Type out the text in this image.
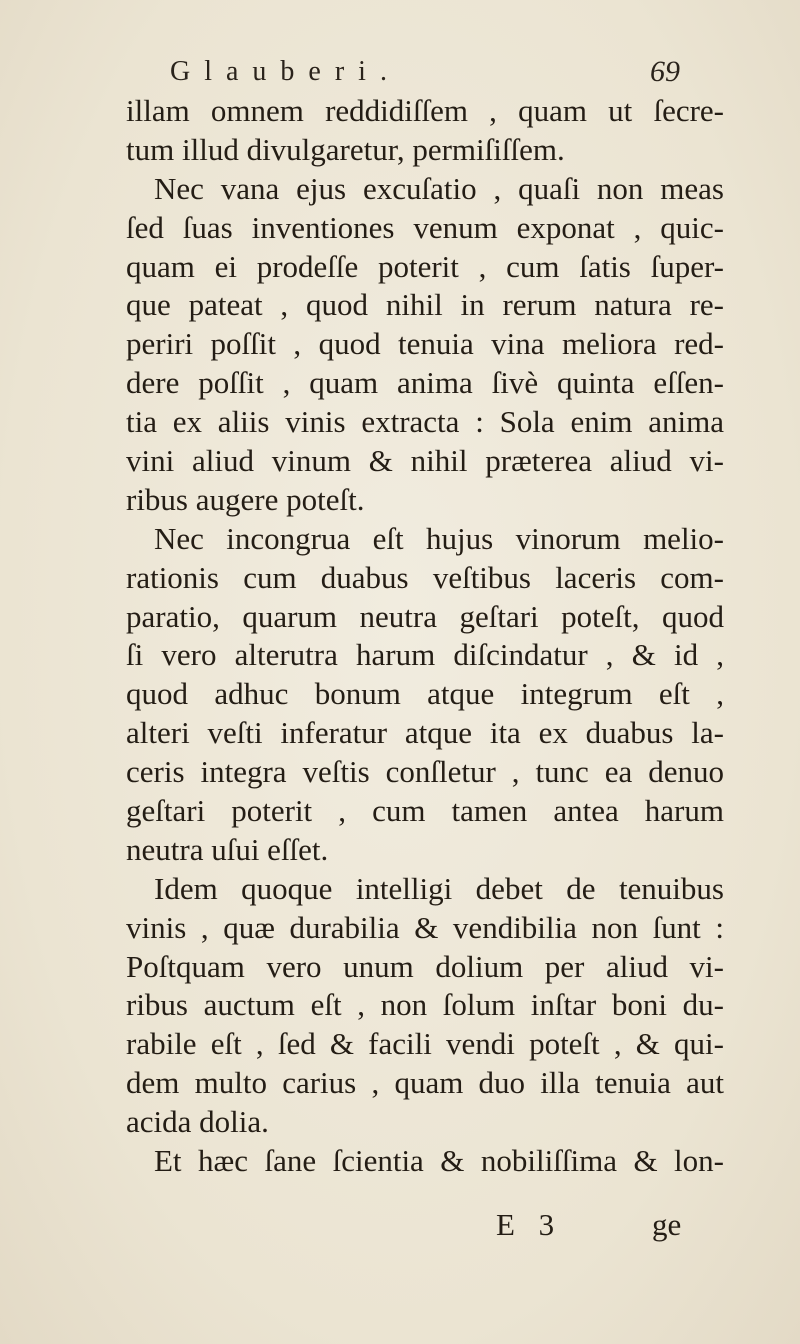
Glauberi.	69
illam omnem reddidiſſem , quam ut ſecre-
tum illud divulgaretur, permiſiſſem.
Nec vana ejus excuſatio , quaſi non meas
ſed ſuas inventiones venum exponat , quic-
quam ei prodeſſe poterit , cum ſatis ſuper-
que pateat , quod nihil in rerum natura re-
periri poſſit , quod tenuia vina meliora red-
dere poſſit , quam anima ſivè quinta eſſen-
tia ex aliis vinis extracta : Sola enim anima
vini aliud vinum & nihil præterea aliud vi-
ribus augere poteſt.
Nec incongrua eſt hujus vinorum melio-
rationis cum duabus veſtibus laceris com-
paratio, quarum neutra geſtari poteſt, quod
ſi vero alterutra harum diſcindatur , & id ,
quod adhuc bonum atque integrum eſt ,
alteri veſti inferatur atque ita ex duabus la-
ceris integra veſtis conſletur , tunc ea denuo
geſtari poterit , cum tamen antea harum
neutra uſui eſſet.
Idem quoque intelligi debet de tenuibus
vinis , quæ durabilia & vendibilia non ſunt :
Poſtquam vero unum dolium per aliud vi-
ribus auctum eſt , non ſolum inſtar boni du-
rabile eſt , ſed & facili vendi poteſt , & qui-
dem multo carius , quam duo illa tenuia aut
acida dolia.
Et hæc ſane ſcientia & nobiliſſima & lon-
E 3	ge
